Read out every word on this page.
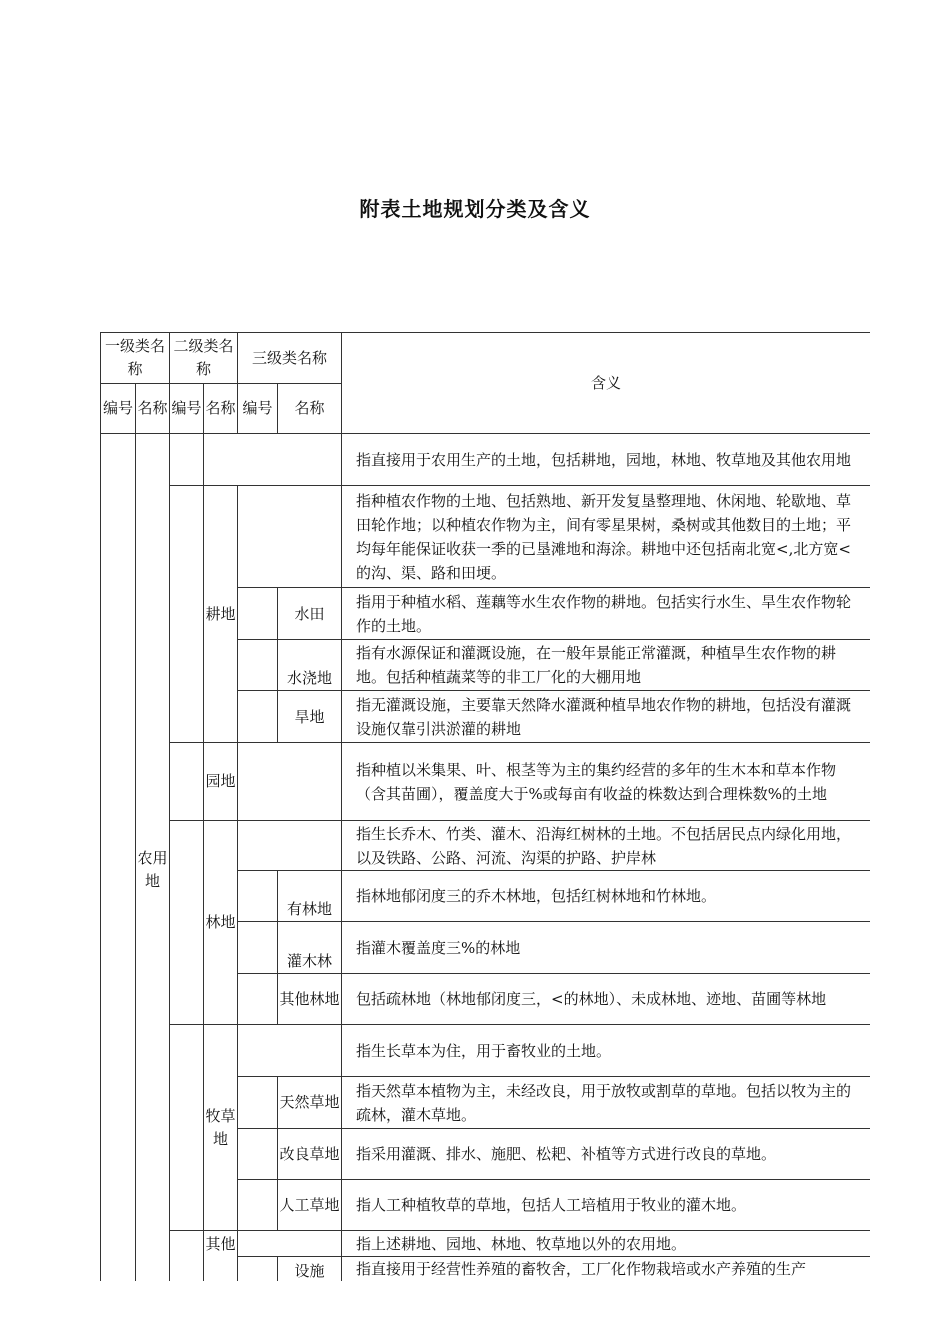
附表土地规划分类及含义
一级类名称		二级类名称		三级类名称		含义
编号	名称	编号	名称	编号	名称	
	农用地					指直接用于农用生产的土地，包括耕地，园地，林地、牧草地及其他农用地
			耕地			指种植农作物的土地、包括熟地、新开发复垦整理地、休闲地、轮歇地、草田轮作地；以种植农作物为主，间有零星果树，桑树或其他数目的土地；平均每年能保证收获一季的已垦滩地和海涂。耕地中还包括南北宽<,北方宽<的沟、渠、路和田埂。
					水田	指用于种植水稻、莲藕等水生农作物的耕地。包括实行水生、旱生农作物轮作的土地。
					水浇地	指有水源保证和灌溉设施，在一般年景能正常灌溉，种植旱生农作物的耕地。包括种植蔬菜等的非工厂化的大棚用地
					旱地	指无灌溉设施，主要靠天然降水灌溉种植旱地农作物的耕地，包括没有灌溉设施仅靠引洪淤灌的耕地
			园地			指种植以米集果、叶、根茎等为主的集约经营的多年的生木本和草本作物（含其苗圃），覆盖度大于%或每亩有收益的株数达到合理株数%的土地
			林地			指生长乔木、竹类、灌木、沿海红树林的土地。不包括居民点内绿化用地，以及铁路、公路、河流、沟渠的护路、护岸林
					有林地	指林地郁闭度三的乔木林地，包括红树林地和竹林地。
					灌木林	指灌木覆盖度三%的林地
					其他林地	包括疏林地（林地郁闭度三，<的林地）、未成林地、迹地、苗圃等林地
			牧草地			指生长草本为住，用于畜牧业的土地。
					天然草地	指天然草本植物为主，未经改良，用于放牧或割草的草地。包括以牧为主的疏林，灌木草地。
					改良草地	指采用灌溉、排水、施肥、松耙、补植等方式进行改良的草地。
					人工草地	指人工种植牧草的草地，包括人工培植用于牧业的灌木地。
			其他			指上述耕地、园地、林地、牧草地以外的农用地。
					设施	指直接用于经营性养殖的畜牧舍，工厂化作物栽培或水产养殖的生产
